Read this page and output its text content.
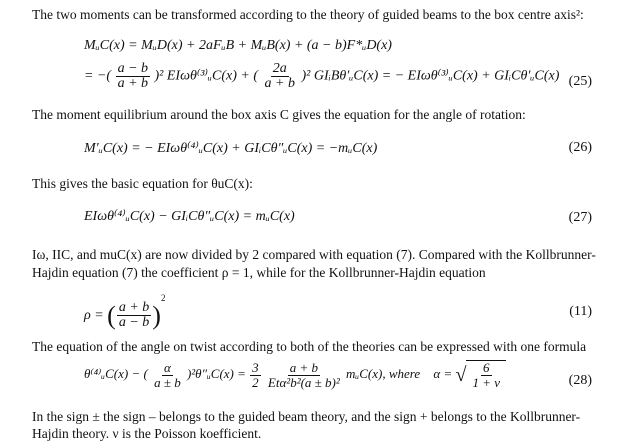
The two moments can be transformed according to the theory of guided beams to the box centre axis²:
MᵤC(x) = MᵤD(x) + 2aFᵤB + MᵤB(x) + (a − b)F*ᵤD(x)
= −( $\frac{a - b}{a + b} )^2$ EIωθ⁽³⁾ᵤC(x) + ( $\frac{2a}{a + b} )^2$ GIᵢBθ′ᵤC(x) = − EIωθ⁽³⁾ᵤC(x) + GIᵢCθ′ᵤC(x) (25)
The moment equilibrium around the box axis C gives the equation for the angle of rotation:
M′ᵤC(x) = − EIωθ⁽⁴⁾ᵤC(x) + GIᵢCθ″ᵤC(x) = −mᵤC(x)	(26)
This gives the basic equation for θuC(x):
EIωθ⁽⁴⁾ᵤC(x) − GIᵢCθ″ᵤC(x) = mᵤC(x)	(27)
Iω, IIC, and muC(x) are now divided by 2 compared with equation (7). Compared with the Kollbrunner-
Hajdin equation (7) the coefficient ρ = 1, while for the Kollbrunner-Hajdin equation
ρ = ( $\frac{a + b}{a - b} )^2$
(11)
The equation of the angle on twist according to both of the theories can be expressed with one formula
θ⁽⁴⁾ᵤC(x) − ( $\frac{\alpha}{a \pm b}$ )²θ″ᵤC(x) = $\frac{3}{2}$
$\frac{a + b}{\text{Etα²b²(a ± b)²}}$ mᵤC(x), where α = √ $\frac{6}{1 + \nu}$	(28)
In the sign ± the sign – belongs to the guided beam theory, and the sign + belongs to the Kollbrunner-
Hajdin theory. ν is the Poisson koefficient.
